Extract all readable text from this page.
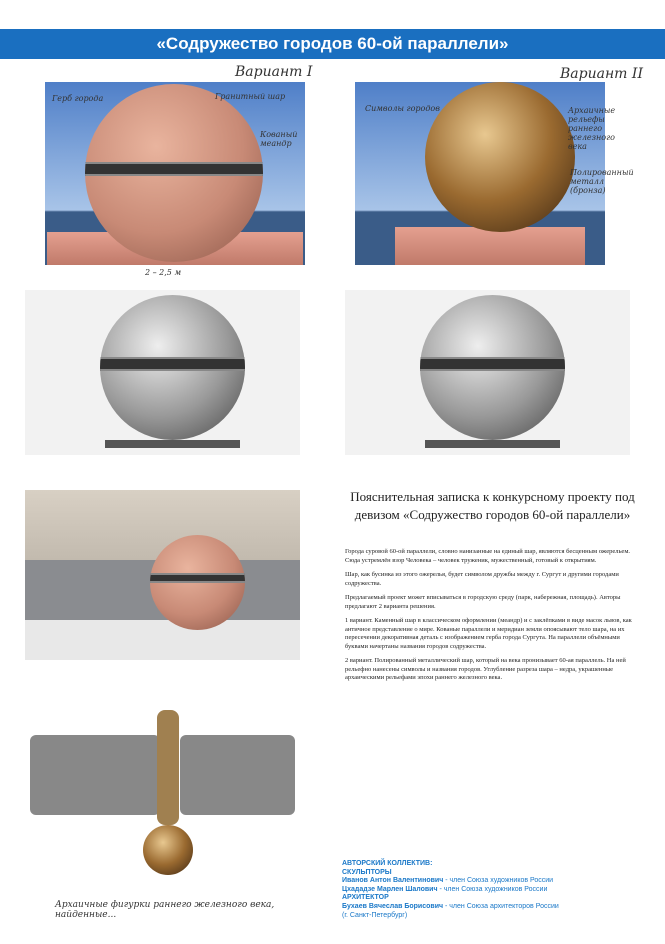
«Содружество городов 60-ой параллели»
Вариант I
Герб города	Гранитный шар
Кованый меандр
2 – 2,5 м
Вариант II
Символы городов	Архаичные рельефы раннего железного века
Полированный металл (бронза)
Пояснительная записка к конкурсному проекту под девизом «Содружество городов 60-ой параллели»

Города суровой 60-ой параллели, словно нанизанные на единый шар, являются бесценным ожерельем. Сюда устремлён взор Человека – человек труженик, мужественный, готовый к открытиям.

Шар, как бусинка из этого ожерелья, будет символом дружбы между г. Сургут и другими городами содружества.

Предлагаемый проект может вписываться в городскую среду (парк, набережная, площадь). Авторы предлагают 2 варианта решения.

1 вариант. Каменный шар в классическом оформлении (меандр) и с заклёпками в виде масок львов, как античное представление о мире. Кованые параллели и меридиан земли опоясывают тело шара, на их пересечении декоративная деталь с изображением герба города Сургута. На параллели объёмными буквами начертаны названия городов содружества.

2 вариант. Полированный металлический шар, который на века пронизывает 60-ая параллель. На ней рельефно нанесены символы и названия городов. Углубление разреза шара – недра, украшенные архаическими рельефами эпохи раннего железного века.

Архаичные фигурки раннего железного века, найденные...
АВТОРСКИЙ КОЛЛЕКТИВ:
СКУЛЬПТОРЫ
Иванов Антон Валентинович - член Союза художников России
Цхададзе Марлен Шалович - член Союза художников России
АРХИТЕКТОР
Бухаев Вячеслав Борисович - член Союза архитекторов России
(г. Санкт-Петербург)
